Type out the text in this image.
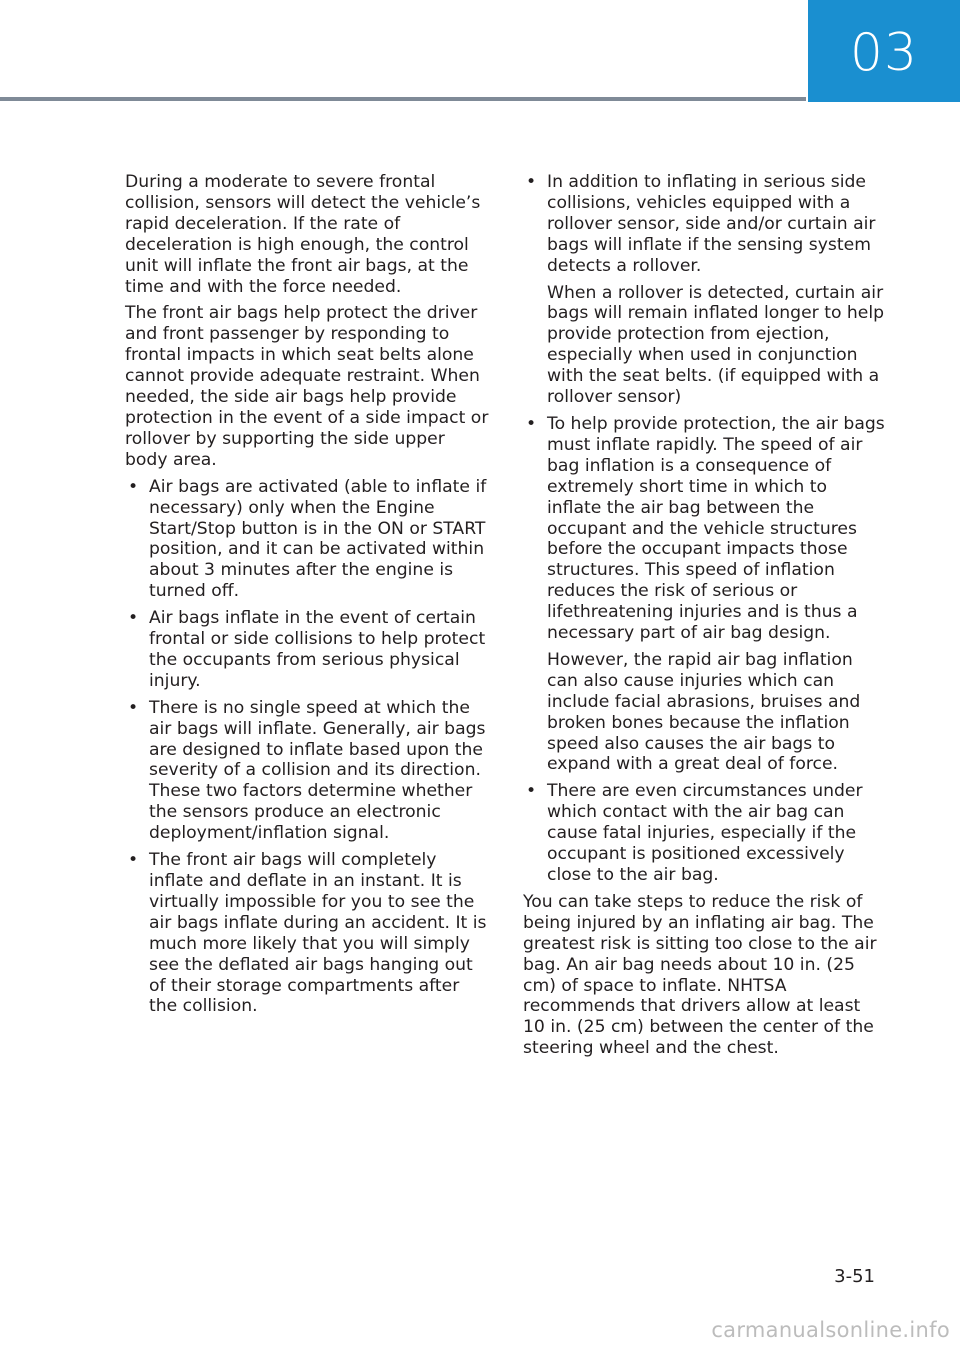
03

During a moderate to severe frontal collision, sensors will detect the vehicle’s rapid deceleration. If the rate of deceleration is high enough, the control unit will inflate the front air bags, at the time and with the force needed.

The front air bags help protect the driver and front passenger by responding to frontal impacts in which seat belts alone cannot provide adequate restraint. When needed, the side air bags help provide protection in the event of a side impact or rollover by supporting the side upper body area.

• Air bags are activated (able to inflate if necessary) only when the Engine Start/Stop button is in the ON or START position, and it can be activated within about 3 minutes after the engine is turned off.

• Air bags inflate in the event of certain frontal or side collisions to help protect the occupants from serious physical injury.

• There is no single speed at which the air bags will inflate. Generally, air bags are designed to inflate based upon the severity of a collision and its direction. These two factors determine whether the sensors produce an electronic deployment/inflation signal.

• The front air bags will completely inflate and deflate in an instant. It is virtually impossible for you to see the air bags inflate during an accident. It is much more likely that you will simply see the deflated air bags hanging out of their storage compartments after the collision.

• In addition to inflating in serious side collisions, vehicles equipped with a rollover sensor, side and/or curtain air bags will inflate if the sensing system detects a rollover.

When a rollover is detected, curtain air bags will remain inflated longer to help provide protection from ejection, especially when used in conjunction with the seat belts. (if equipped with a rollover sensor)

• To help provide protection, the air bags must inflate rapidly. The speed of air bag inflation is a consequence of extremely short time in which to inflate the air bag between the occupant and the vehicle structures before the occupant impacts those structures. This speed of inflation reduces the risk of serious or lifethreatening injuries and is thus a necessary part of air bag design.

However, the rapid air bag inflation can also cause injuries which can include facial abrasions, bruises and broken bones because the inflation speed also causes the air bags to expand with a great deal of force.

• There are even circumstances under which contact with the air bag can cause fatal injuries, especially if the occupant is positioned excessively close to the air bag.

You can take steps to reduce the risk of being injured by an inflating air bag. The greatest risk is sitting too close to the air bag. An air bag needs about 10 in. (25 cm) of space to inflate. NHTSA recommends that drivers allow at least 10 in. (25 cm) between the center of the steering wheel and the chest.

3-51
carmanualsonline.info
